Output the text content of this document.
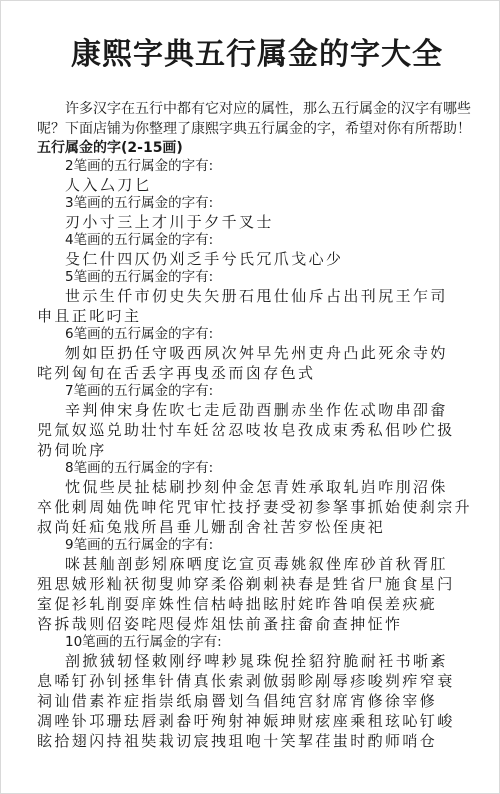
康熙字典五行属金的字大全

许多汉字在五行中都有它对应的属性，那么五行属金的汉字有哪些呢？下面店铺为你整理了康熙字典五行属金的字，希望对你有所帮助！

五行属金的字(2-15画)

2笔画的五行属金的字有:

人入厶刀匕

3笔画的五行属金的字有:

刃小寸三上才川于夕千叉士

4笔画的五行属金的字有:

殳仁什四仄仍刈乏手兮氏冗爪戈心少

5笔画的五行属金的字有:

世示生仟市仞史失矢册石甩仕仙斥占出刊尻王乍司

申且正叱叼主

6笔画的五行属金的字有:

刎如臣扔任守吸西夙次舛早先州吏舟凸此死氽寺妁

咤列匈旬在舌丢字再曳丞而囟存色式

7笔画的五行属金的字有:

辛判伸宋身佐吹七走卮劭酉删赤坐作佐忒吻串卲畲

兕氚奴巡兑助壮忖车妊岔忍吱妆皂孜成束秀私佀吵伫扱

礽伺吮序

8笔画的五行属金的字有:

忱侃些昃扯梽刷抄刻仲金怎青姓承取轧岿咋刖沼侏

卒仳刺周妯侁呻侘咒审忙技抒妻受初参拏事抓始使刹宗升

叔尚妊疝兔戕所昌垂儿姗刮舍社苦穸忪侄庚祀

9笔画的五行属金的字有:

咪甚舢剖彭矧庥哂度讫宣页毒姚叙侳库砂首秋胥肛

殂思娀形籼祆彻叟帅穿柔俗剃刺袂春是甡省尸施食星闩

室促衫轧削耍庠姝性信枯峙拙眩肘姹昨昝咱俣差疢疵

咨拆哉则佋姿咤咫侵炸俎怯前蚤拄畲俞查抻怔怍

10笔画的五行属金的字有:

剖掀狨轫怪敕刚纾啤耖晁珠倪拴貂狩脆耐衽书哳紊

息唏钉孙钊拯隼针倩真伥索剥倣弱畛剐辱疹唆刿痄窄衰

祠讪借素祚症指崇纸扇罾划刍倡纯宫豺席宵修徐宰修

凋唑钋邛珊珐唇剥畚吁殉射神娠珅财痃座乘租玹吣钉峻

眩拾翅闪持祖奘栽讱宸拽珇咆十笑挈荏蚩时酌师哨仓
